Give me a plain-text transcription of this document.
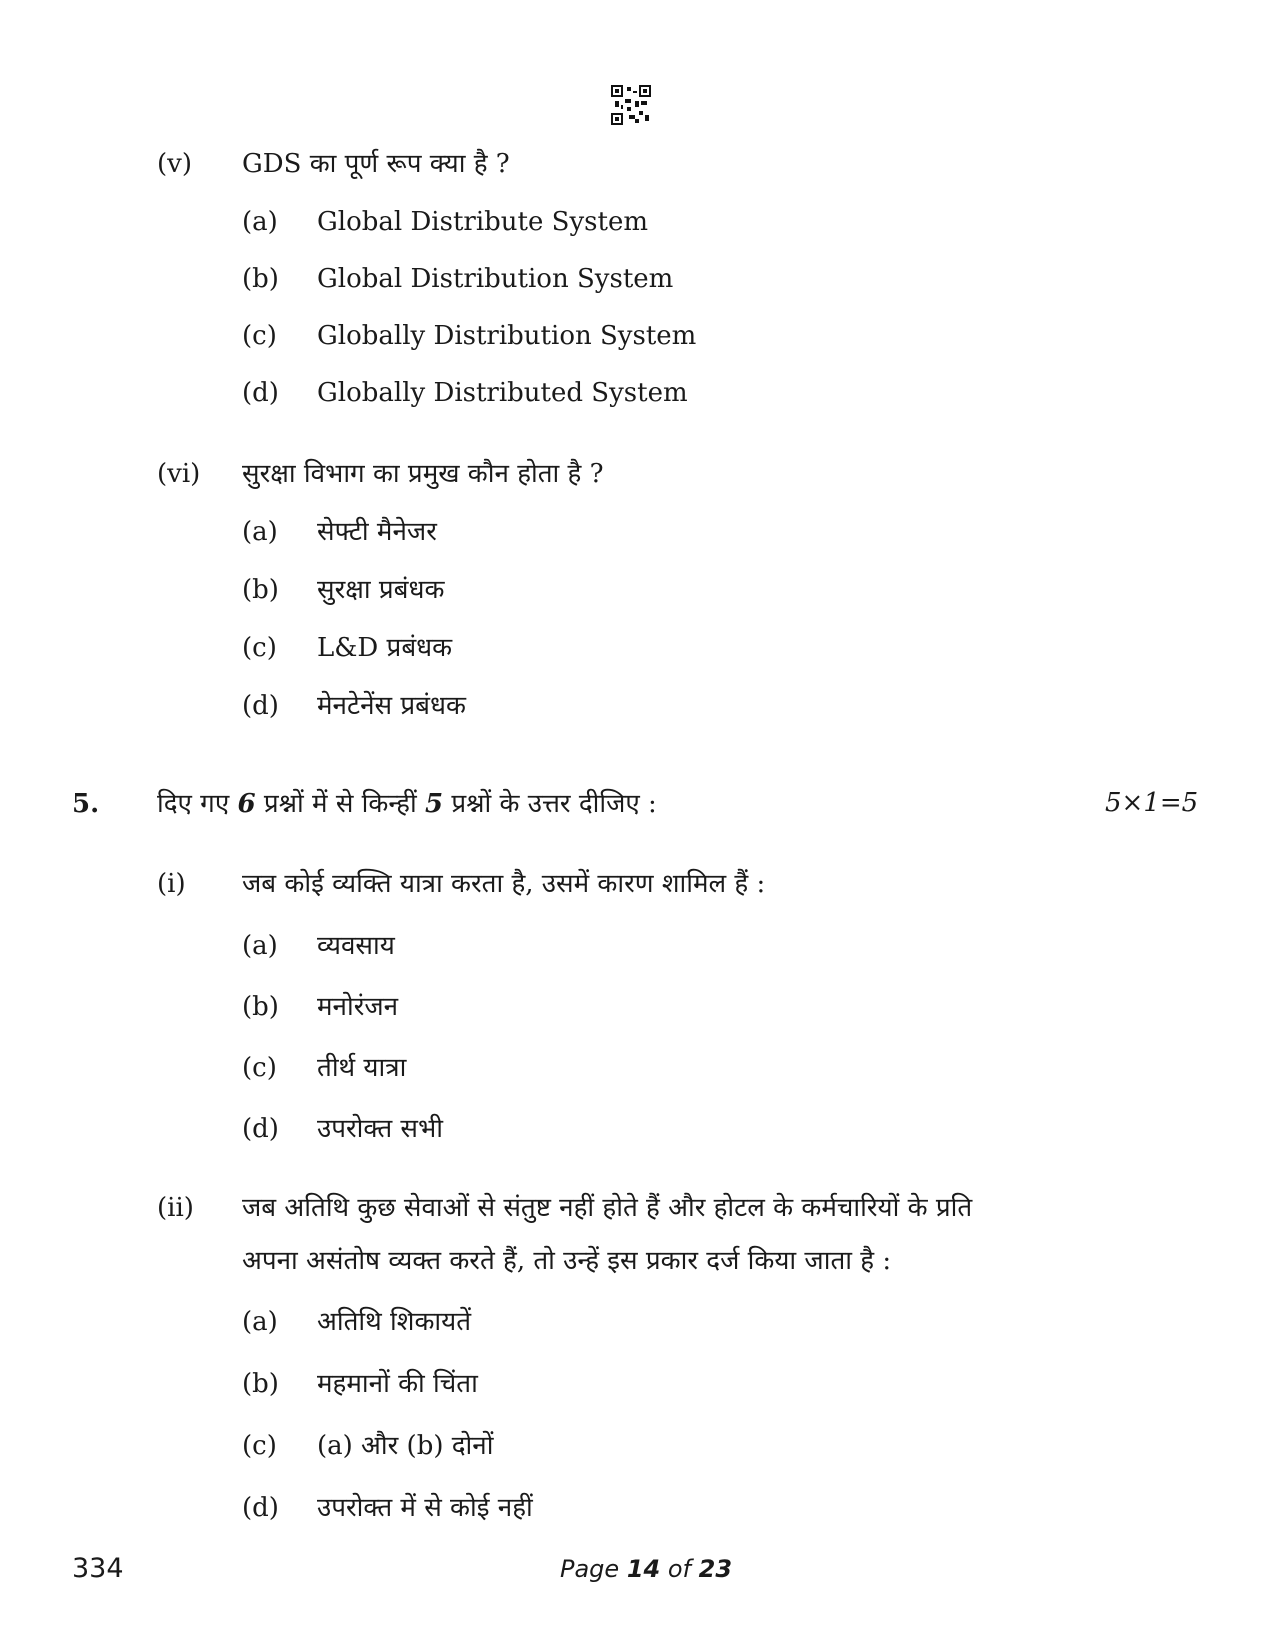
(v) GDS का पूर्ण रूप क्या है ?
(a) Global Distribute System
(b) Global Distribution System
(c) Globally Distribution System
(d) Globally Distributed System
(vi) सुरक्षा विभाग का प्रमुख कौन होता है ?
(a) सेफ्टी मैनेजर
(b) सुरक्षा प्रबंधक
(c) L&D प्रबंधक
(d) मेनटेनेंस प्रबंधक
5. दिए गए 6 प्रश्नों में से किन्हीं 5 प्रश्नों के उत्तर दीजिए :	5×1=5
(i) जब कोई व्यक्ति यात्रा करता है, उसमें कारण शामिल हैं :
(a) व्यवसाय
(b) मनोरंजन
(c) तीर्थ यात्रा
(d) उपरोक्त सभी
(ii) जब अतिथि कुछ सेवाओं से संतुष्ट नहीं होते हैं और होटल के कर्मचारियों के प्रति
अपना असंतोष व्यक्त करते हैं, तो उन्हें इस प्रकार दर्ज किया जाता है :
(a) अतिथि शिकायतें
(b) महमानों की चिंता
(c) (a) और (b) दोनों
(d) उपरोक्त में से कोई नहीं
334	Page 14 of 23
